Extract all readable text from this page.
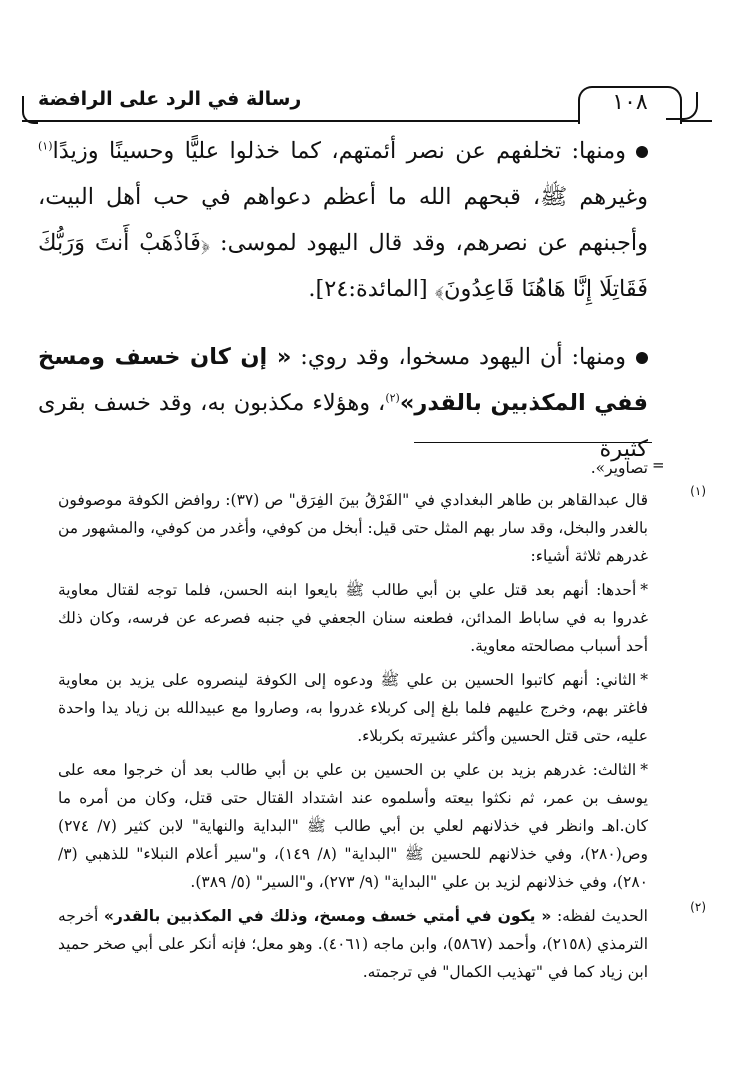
رسالة في الرد على الرافضة	١٠٨

ومنها: تخلفهم عن نصر أئمتهم، كما خذلوا عليًّا وحسينًا وزيدًا$^{(١)}$ وغيرهم ﷺ، قبحهم الله ما أعظم دعواهم في حب أهل البيت، وأجبنهم عن نصرهم، وقد قال اليهود لموسى: ﴿فَاذْهَبْ أَنتَ وَرَبُّكَ فَقَاتِلَا إِنَّا هَاهُنَا قَاعِدُونَ﴾ [المائدة:٢٤].

ومنها: أن اليهود مسخوا، وقد روي: « إن كان خسف ومسخ ففي المكذبين بالقدر»$^{(٢)}$، وهؤلاء مكذبون به، وقد خسف بقرى كثيرة

=

تصاوير».

(١)

قال عبدالقاهر بن طاهر البغدادي في "الفَرْقُ بينَ الفِرَق" ص (٣٧): روافض الكوفة موصوفون بالغدر والبخل، وقد سار بهم المثل حتى قيل: أبخل من كوفي، وأغدر من كوفي، والمشهور من غدرهم ثلاثة أشياء:

*أحدها: أنهم بعد قتل علي بن أبي طالب ﷺ بايعوا ابنه الحسن، فلما توجه لقتال معاوية غدروا به في ساباط المدائن، فطعنه سنان الجعفي في جنبه فصرعه عن فرسه، وكان ذلك أحد أسباب مصالحته معاوية.

*الثاني: أنهم كاتبوا الحسين بن علي ﷺ ودعوه إلى الكوفة لينصروه على يزيد بن معاوية فاغتر بهم، وخرج عليهم فلما بلغ إلى كربلاء غدروا به، وصاروا مع عبيدالله بن زياد يدا واحدة عليه، حتى قتل الحسين وأكثر عشيرته بكربلاء.

*الثالث: غدرهم بزيد بن علي بن الحسين بن علي بن أبي طالب بعد أن خرجوا معه على يوسف بن عمر، ثم نكثوا بيعته وأسلموه عند اشتداد القتال حتى قتل، وكان من أمره ما كان.اهـ وانظر في خذلانهم لعلي بن أبي طالب ﷺ "البداية والنهاية" لابن كثير (٧/ ٢٧٤) وص(٢٨٠)، وفي خذلانهم للحسين ﷺ "البداية" (٨/ ١٤٩)، و"سير أعلام النبلاء" للذهبي (٣/ ٢٨٠)، وفي خذلانهم لزيد بن علي "البداية" (٩/ ٢٧٣)، و"السير" (٥/ ٣٨٩).

(٢)

الحديث لفظه: « يكون في أمتي خسف ومسخ، وذلك في المكذبين بالقدر» أخرجه الترمذي (٢١٥٨)، وأحمد (٥٨٦٧)، وابن ماجه (٤٠٦١). وهو معل؛ فإنه أنكر على أبي صخر حميد ابن زياد كما في "تهذيب الكمال" في ترجمته.
